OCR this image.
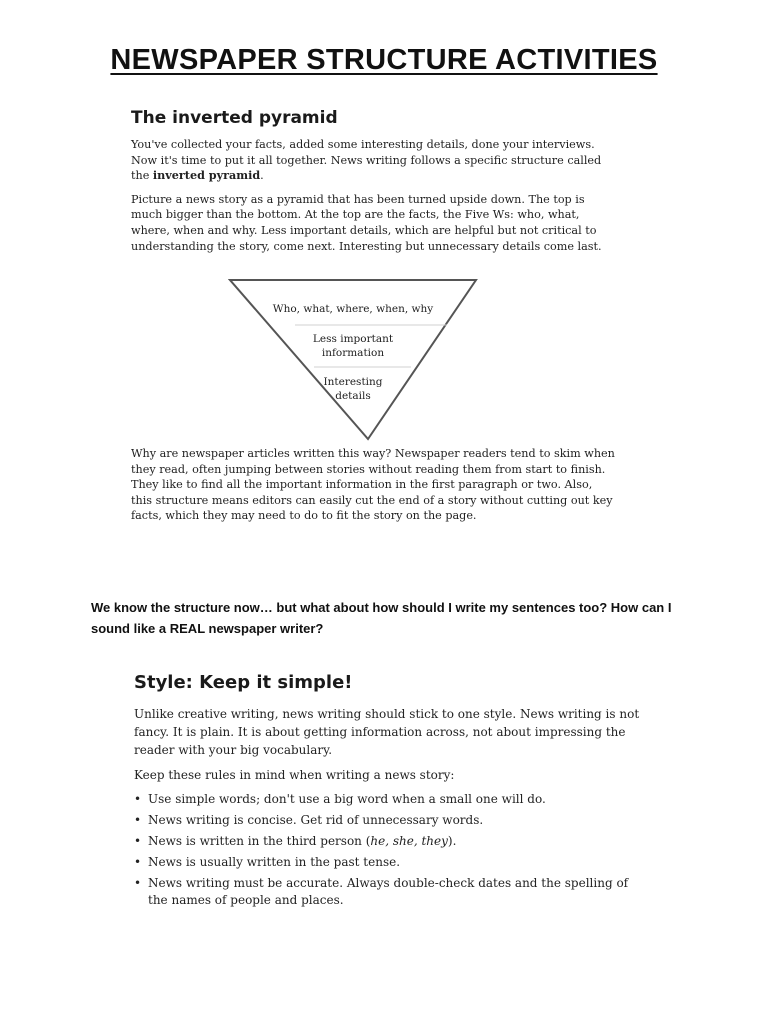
NEWSPAPER STRUCTURE ACTIVITIES
The inverted pyramid

You've collected your facts, added some interesting details, done your interviews. Now it's time to put it all together. News writing follows a specific structure called the inverted pyramid.

Picture a news story as a pyramid that has been turned upside down. The top is much bigger than the bottom. At the top are the facts, the Five Ws: who, what, where, when and why. Less important details, which are helpful but not critical to understanding the story, come next. Interesting but unnecessary details come last.

Who, what, where, when, why
Less important
information
Interesting
details

Why are newspaper articles written this way? Newspaper readers tend to skim when they read, often jumping between stories without reading them from start to finish. They like to find all the important information in the first paragraph or two. Also, this structure means editors can easily cut the end of a story without cutting out key facts, which they may need to do to fit the story on the page.

We know the structure now… but what about how should I write my sentences too? How can I sound like a REAL newspaper writer?

Style: Keep it simple!

Unlike creative writing, news writing should stick to one style. News writing is not fancy. It is plain. It is about getting information across, not about impressing the reader with your big vocabulary.

Keep these rules in mind when writing a news story:

• Use simple words; don't use a big word when a small one will do.
• News writing is concise. Get rid of unnecessary words.
• News is written in the third person (he, she, they).
• News is usually written in the past tense.
• News writing must be accurate. Always double-check dates and the spelling of the names of people and places.
